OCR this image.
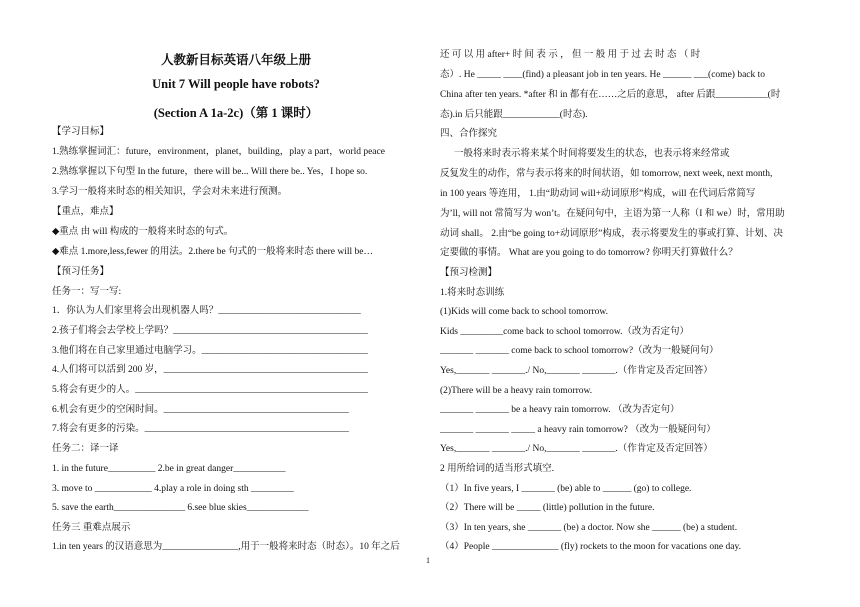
人教新目标英语八年级上册
Unit 7 Will people have robots?
(Section A 1a-2c)（第 1 课时）
【学习目标】
1.熟练掌握词汇：future，environment，planet，building，play a part，world peace
2.熟练掌握以下句型 In the future，there will be... Will there be.. Yes，I hope so.
3.学习一般将来时态的相关知识，学会对未来进行预测。
【重点，难点】
◆重点 由 will 构成的一般将来时态的句式。
◆难点 1.more,less,fewer 的用法。2.there be 句式的一般将来时态 there will be…
【预习任务】
任务一：写一写:
1．你认为人们家里将会出现机器人吗？______________________________
2.孩子们将会去学校上学吗？_________________________________________
3.他们将在自己家里通过电脑学习。___________________________________
4.人们将可以活到 200 岁，___________________________________________
5.将会有更少的人。_________________________________________________
6.机会有更少的空闲时间。_______________________________________
7.将会有更多的污染。___________________________________________
任务二：译一译
1. in the future__________ 2.be in great danger___________
3. move to ____________ 4.play a role in doing sth _________
5. save the earth_______________ 6.see blue skies_____________
任务三 重难点展示
1.in ten years 的汉语意思为________________,用于一般将来时态（时态）。10 年之后
还 可 以 用 after+ 时 间 表 示 ， 但 一 般 用 于 过 去 时 态 （ 时
态）. He _____ ____(find) a pleasant job in ten years. He ______ ___(come) back to
China after ten years. *after 和 in 都有在……之后的意思， after 后跟___________(时
态).in 后只能跟____________(时态).
四、合作探究
一般将来时表示将来某个时间将要发生的状态，也表示将来经常或
反复发生的动作，常与表示将来的时间状语，如 tomorrow, next week, next month,
in 100 years 等连用， 1.由“助动词 will+动词原形”构成，will 在代词后常简写
为’ll, will not 常简写为 won’t。在疑问句中，主语为第一人称（I 和 we）时，常用助
动词 shall。 2.由“be going to+动词原形”构成，表示将要发生的事或打算、计划、决
定要做的事情。 What are you going to do tomorrow? 你明天打算做什么？
【预习检测】
1.将来时态训练
(1)Kids will come back to school tomorrow.
Kids _________come back to school tomorrow.（改为否定句）
_______ _______ come back to school tomorrow?（改为一般疑问句）
Yes,_______ _______./ No,_______ _______.（作肯定及否定回答）
(2)There will be a heavy rain tomorrow.
_______ _______ be a heavy rain tomorrow. （改为否定句）
_______ _______ _____ a heavy rain tomorrow? （改为一般疑问句）
Yes,_______ _______./ No,_______ _______.（作肯定及否定回答）
2 用所给词的适当形式填空.
（1）In five years, I _______ (be) able to ______ (go) to college.
（2）There will be _____ (little) pollution in the future.
（3）In ten years, she _______ (be) a doctor. Now she ______ (be) a student.
（4）People ______________ (fly) rockets to the moon for vacations one day.
1
